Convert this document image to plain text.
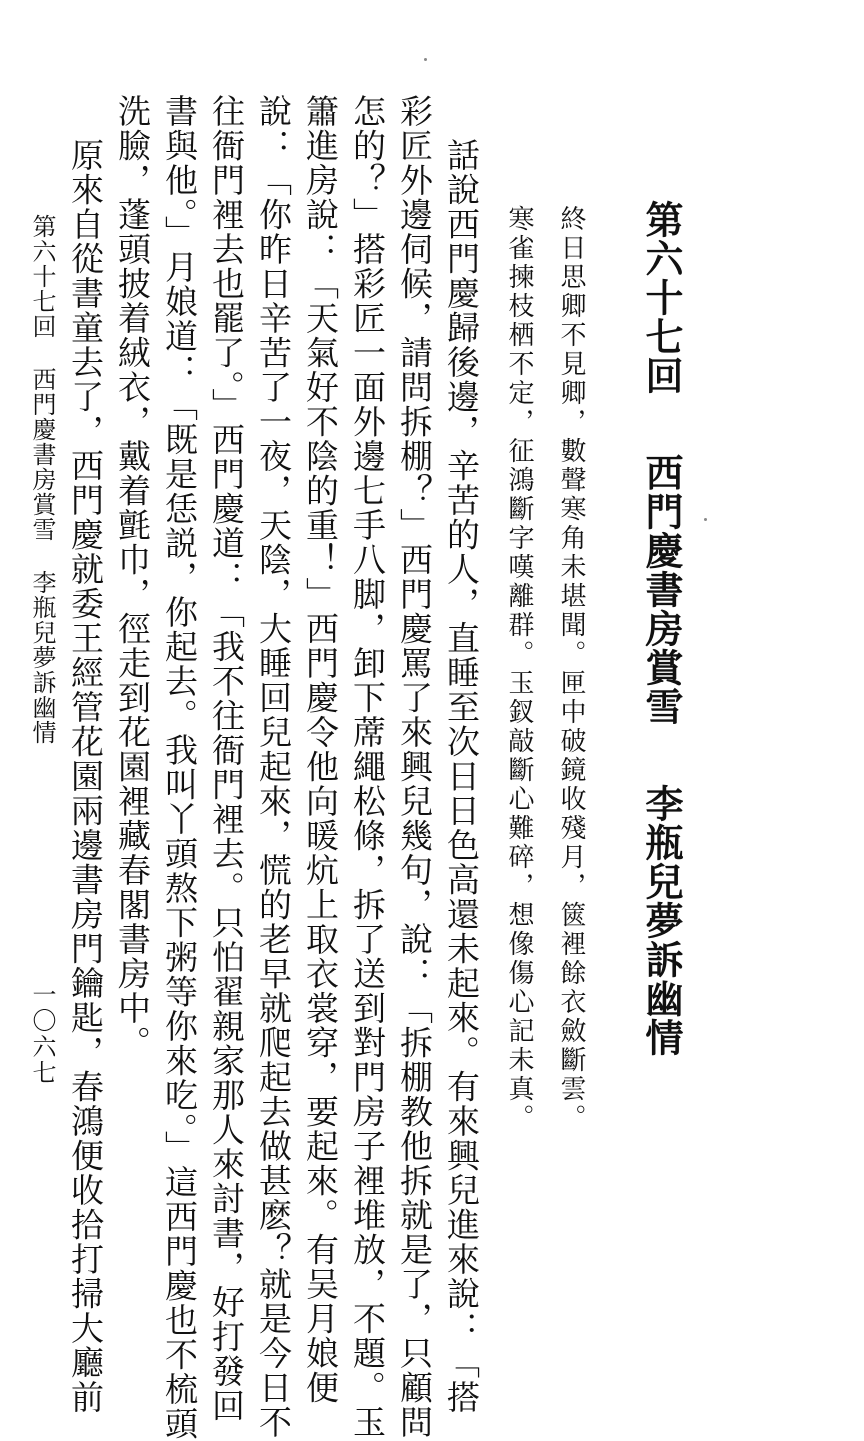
第六十七回西門慶書房賞雪李瓶兒夢訴幽情
終日思卿不見卿，數聲寒角未堪聞。匣中破鏡收殘月，篋裡餘衣斂斷雲。
寒雀揀枝栖不定，征鴻斷字嘆離群。玉釵敲斷心難碎，想像傷心記未真。
話說西門慶歸後邊，辛苦的人，直睡至次日日色高還未起來。有來興兒進來說：「搭
彩匠外邊伺候，請問拆棚？」西門慶罵了來興兒幾句，說：「拆棚教他拆就是了，只顧問
怎的？」搭彩匠一面外邊七手八脚，卸下蓆繩松條，拆了送到對門房子裡堆放，不題。玉
簫進房說：「天氣好不陰的重！」西門慶令他向暖炕上取衣裳穿，要起來。有吴月娘便
說：「你昨日辛苦了一夜，天陰，大睡回兒起來，慌的老早就爬起去做甚麽？就是今日不
往衙門裡去也罷了。」西門慶道：「我不往衙門裡去。只怕翟親家那人來討書，好打發回
書與他。」月娘道：「既是恁説，你起去。我叫丫頭熬下粥等你來吃。」這西門慶也不梳頭
洗臉，蓬頭披着絨衣，戴着氈巾，徑走到花園裡藏春閣書房中。
原來自從書童去了，西門慶就委王經管花園兩邊書房門鑰匙，春鴻便收拾打掃大廳前
第六十七回西門慶書房賞雪李瓶兒夢訴幽情
一〇六七
